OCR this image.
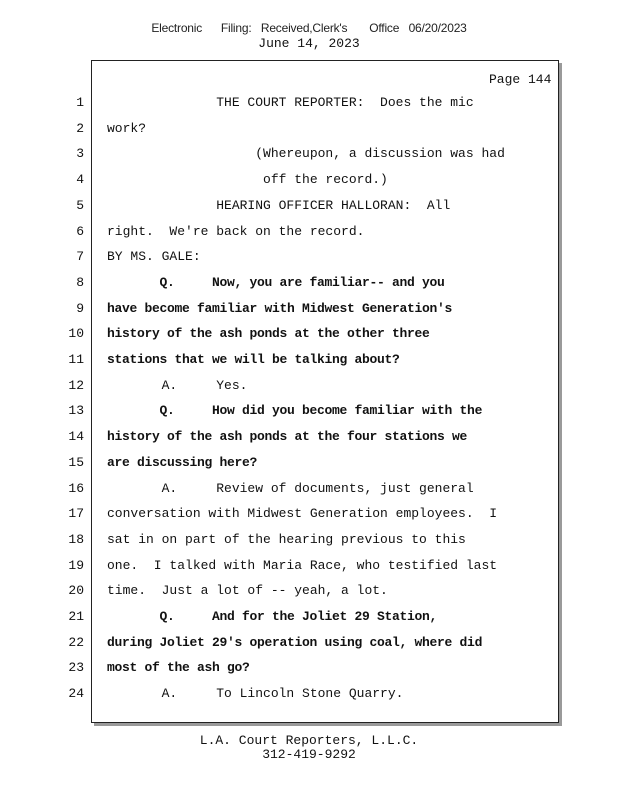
Electronic      Filing:   Received,Clerk's       Office   06/20/2023
June 14, 2023
Page 144
1 THE COURT REPORTER:  Does the mic
2 work?
3 (Whereupon, a discussion was had
4 off the record.)
5 HEARING OFFICER HALLORAN:  All
6 right.  We're back on the record.
7 BY MS. GALE:
8 Q.     Now, you are familiar-- and you
9 have become familiar with Midwest Generation's
10 history of the ash ponds at the other three
11 stations that we will be talking about?
12 A.     Yes.
13 Q.     How did you become familiar with the
14 history of the ash ponds at the four stations we
15 are discussing here?
16 A.     Review of documents, just general
17 conversation with Midwest Generation employees.  I
18 sat in on part of the hearing previous to this
19 one.  I talked with Maria Race, who testified last
20 time.  Just a lot of -- yeah, a lot.
21 Q.     And for the Joliet 29 Station,
22 during Joliet 29's operation using coal, where did
23 most of the ash go?
24 A.     To Lincoln Stone Quarry.
L.A. Court Reporters, L.L.C.
312-419-9292
